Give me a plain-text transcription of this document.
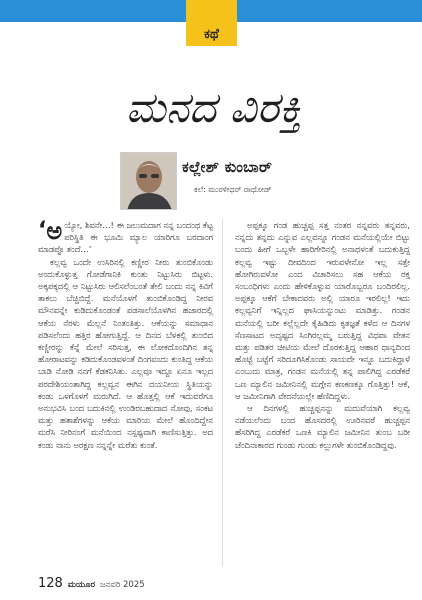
ಕಥೆ
ಮನದ ವಿರಕ್ತಿ
ಕಲ್ಲೇಶ್ ಕುಂಬಾರ್
ಕಲೆ: ಮುರಳೀಧರ್ ರಾಥೋಡ್

‘ ಅ ಯ್ಯೋ, ಶಿವನೇ…! ಈ ಜಲುಮದಾಗ ನನ್ನ ಬಂದಂಥ ಕೆಟ್ಟ ಪರಿಸ್ಥಿತಿ ಈ ಭೂಮಿ ಮ್ಯಾಲ ಯಾರಿಗೂ ಬರದಾಂಗ ಮಾಡಪ್ಪೊ ತಂದೆ…’

ಕಲ್ಲವ್ವ ಒಂದೇ ಉಸಿರಿನಲ್ಲಿ ಕಣ್ಣೀರ ನೀರು ತುಂಬಿಕೊಂಡು ಅಂದುಕೊಳ್ಳುತ್ತ ಗೋಡೆಗಾನಿಕಿ ಕುಂತು ನಿಟ್ಟುಸಿರು ಬಿಟ್ಟಳು. ಅಕ್ಕಪಕ್ಕದಲ್ಲಿ ಆ ನಿಟ್ಟುಸಿರು ಆಲಿಸಲೆಂಬಂತೆ ತೇಲಿ ಬಂದು ನನ್ನ ಕಿವಿಗೆ ತಾಕಲು ಬೆಚ್ಚಿಬಿದ್ದೆ. ಮನೆಯೊಳಗೆ ತುಂಬಿಕೊಂಡಿದ್ದ ನೀರವ ಮೌನವನ್ನೇ ಕುಡಿದುಕೊಂಡಂತೆ ಪಡಸಾಲೆಯೊಳಗಿನ ಹಜಾರದಲ್ಲಿ ಆಕೆಯ ನೆರಳು ಮೆಲ್ಲನೆ ನಿಂತಂತಿತ್ತು. ಆಕೆಯನ್ನು ಸಮಾಧಾನ ಪಡಿಸಲೆಂದು ಹತ್ತಿರ ಹೋಗುತ್ತಿದ್ದೆ. ಆ ದಿನದ ಬೆಳಕಲ್ಲಿ ತುಂಬಿದ ಕಣ್ಣೀರನ್ನು ಕೆನ್ನೆ ಮೇಲೆ ಸರಿಸುತ್ತ, ಈ ಲೋಕದೊಂದಿಗಿನ ತನ್ನ ಹೋರಾಟವನ್ನು ಕಡಿದುಕೊಂಡವಳಂತೆ ದಿಂಗವಂದು ಕುಂತಿದ್ದ ಆಕೆಯ ಬಾಡಿ ನೋಡಿ ನನಗೆ ಕೆಡಕನಿಸಿತು. ಎಲ್ಲವೂ ಇದ್ದೂ ಏನೂ ಇಲ್ಲದ ಪರದೇಶಿಯಂತಾಗಿದ್ದ ಕಲ್ಲವ್ವನ ಈಗಿನ ದಯನೀಯ ಸ್ಥಿತಿಯನ್ನು ಕಂಡು ಒಳಗೊಳಗೆ ಮರುಗಿದೆ. ಆ ಹೊತ್ತಲ್ಲಿ ಆಕೆ ಇದುವರೆಗೂ ಅನುಭವಿಸಿ ಬಂದ ಬದುಕಿನಲ್ಲಿ ಉಂಡಿರಬಹುದಾದ ನೋವು, ಸಂಕಟ ಮತ್ತು ಹತಾಶೆಗಳನ್ನು ಆಕೆಯ ಮಾರಿಯ ಮೇಲೆ ಹೊಂದಿದ್ದೇನ ಮರೆಸಿ ನೀರಿನಂಗೆ ಮನೆಯಿಂದ ನಸ್ಪಷ್ಟವಾಗಿ ಕಾಣಿಸುತ್ತಿತ್ತು. ಅದ ಕಂಡು ನಾನು ಅರಕ್ಷಣ ನನ್ನನ್ನೇ ಮರೆತು ಕುಂತೆ.

ಅಪ್ಪಕ್ಕೂ ಗಂಡ ಹುಚ್ಚಪ್ಪ ಸತ್ತ ನಂತರ ನನ್ನವರು ತನ್ನವರು, ನನ್ನದು ತನ್ನದು ಎನ್ನುವ ಎಲ್ಲವನ್ನೂ ಗಂಡನ ಮನೆಯಲ್ಲಿಯೇ ಬಿಟ್ಟು ಬಂದು ಹೀಗೆ ಒಬ್ಬಳೇ ಹಾರಿಗೇರಿನಲ್ಲಿ ಅನಾಥಳಂತೆ ಬದುಕುತ್ತಿದ್ದ ಕಲ್ಲವ್ವ ಇಷ್ಟು ದೀವದಿಂದ ಇರುವಳೇನೋ ಇಲ್ಲ ಸತ್ತೇ ಹೋಗಿರುವಳೋ ಎಂದ ವಿಚಾರಿಸಲು ಸಹ ಆಕೆಯ ರಕ್ತ ಸಂಬಂಧಿಗಳು ಎಂದು ಹೇಳಿಕೊಳ್ಳುವ ಯಾರೊಬ್ಬರೂ ಬಂದಿರಲಿಲ್ಲ. ಅಪ್ಪಕ್ಕೂ ಆಕೆಗೆ ಬೇಕಾದವರು ಅಲ್ಲಿ ಯಾರೂ ಇರಲಿಲ್ಲ! ಇದು ಕಲ್ಲವ್ವನಿಗೆ ಇನ್ನಿಲ್ಲದ ಘಾಸಿಯನ್ನುಂಟು ಮಾಡಿತ್ತು. ಗಂಡನ ಮನೆಯಲ್ಲಿ ಬರೀ ಕಲ್ಲೆಲ್ಲದೇ ಕೈಹಿಡಿದು ಕೃತಜ್ಞತೆ ಕಳೆದ ಆ ದಿನಗಳ ಸೆಣಸಾಟದ ಅದೃಷ್ಟದ ಸಿಂಗಿರಲ್ಲಮ್ಮ ಬರುತ್ತಿದ್ದ ವಿಧವಾ ವೇತನ ಮತ್ತು ಪಡಿತರ ಚೀಟಿಯ ಮೇಲೆ ದೊರಕುತ್ತಿದ್ದ ಆಹಾರ ಧಾನ್ಯದಿಂದ ಹೊಟ್ಟೆ ಬಟ್ಟೆಗೆ ಸರಿದೂಗಿಸಿಕೊಂಡು ಸಾಯದೇ ಇನ್ನೂ ಬದುಕಿದ್ದಾಳೆ ಎಂಬುದು ಮಾತ್ರ, ಗಂಡನ ಮನೆಯಲ್ಲಿ ತನ್ನ ಪಾಲಿಗಿದ್ದ ಎರಡೆಕರೆ ಒಣ ಮ್ಯಾಲಿನ ಜಮೀನಿನಲ್ಲಿ ಮಗ್ಗೇನ ಕಣಕಣಕ್ಕೂ ಗೊತ್ತಿತ್ತು! ಆಕೆ, ಆ ಜಮೀನಿಗಾಗಿ ವೇದನೆಯಲ್ಲೇ ಹೆಣಿದಿದ್ದಳು.

ಆ ದಿನಗಳಲ್ಲಿ ಹುಚ್ಚಪ್ಪನನ್ನು ಮದುವೆಯಾಗಿ ಕಲ್ಲವ್ವ ನಡೆಯಲೆಂದು ಬಂದ ಹೊಸದರಲ್ಲಿ ಊರಿನವರೆ ಹುಚ್ಚಪ್ಪನ ಹೆಸರಿಗಿದ್ದ ಎರಡೆಕರೆ ಒಣಕಿ ಮ್ಯಾಲಿನ ಜಮೀನಿನ ತುಂಬ ಬರೀ ಚೆಂದಿನಾಕಾರದ ಗುಂಡು ಗುಂಡು ಕಲ್ಲುಗಳೇ ತುಂಬಿಕೊಂಡಿದ್ದವು.

128 ಮಯೂರ ಜನವರಿ 2025
